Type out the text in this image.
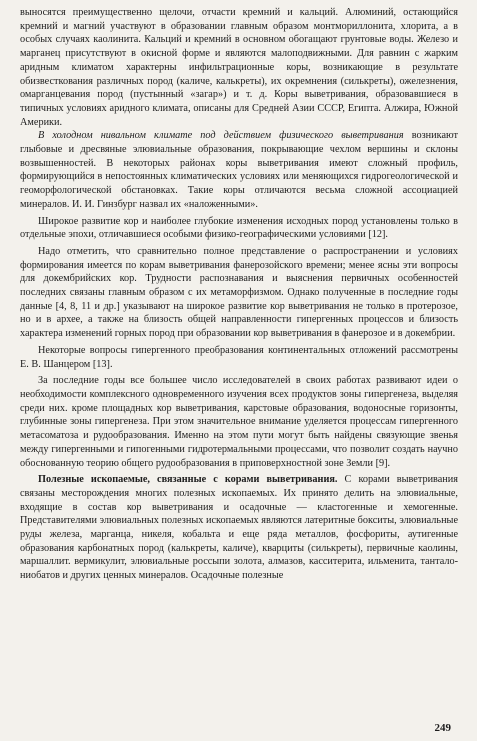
выносятся преимущественно щелочи, отчасти кремний и кальций. Алюминий, остающийся кремний и магний участвуют в образовании главным образом монтмориллонита, хлорита, а в особых случаях каолинита. Кальций и кремний в основном обогащают грунтовые воды. Железо и марганец присутствуют в окисной форме и являются малоподвижными. Для равнин с жарким аридным климатом характерны инфильтрационные коры, возникающие в результате обизвесткования различных пород (каличе, калькреты), их окремнения (силькреты), ожелезнения, омарганцевания пород (пустынный «загар») и т. д. Коры выветривания, образовавшиеся в типичных условиях аридного климата, описаны для Средней Азии СССР, Египта. Алжира, Южной Америки.

В холодном нивальном климате под действием физического выветривания возникают глыбовые и дресвяные элювиальные образования, покрывающие чехлом вершины и склоны возвышенностей. В некоторых районах коры выветривания имеют сложный профиль, формирующийся в непостоянных климатических условиях или меняющихся гидрогеологической и геоморфологической обстановках. Такие коры отличаются весьма сложной ассоциацией минералов. И. И. Гинзбург назвал их «наложенными».

Широкое развитие кор и наиболее глубокие изменения исходных пород установлены только в отдельные эпохи, отличавшиеся особыми физико-географическими условиями [12].

Надо отметить, что сравнительно полное представление о распространении и условиях формирования имеется по корам выветривания фанерозойского времени; менее ясны эти вопросы для докембрийских кор. Трудности распознавания и выяснения первичных особенностей последних связаны главным образом с их метаморфизмом. Однако полученные в последние годы данные [4, 8, 11 и др.] указывают на широкое развитие кор выветривания не только в протерозое, но и в архее, а также на близость общей направленности гипергенных процессов и близость характера изменений горных пород при образовании кор выветривания в фанерозое и в докембрии.

Некоторые вопросы гипергенного преобразования континентальных отложений рассмотрены Е. В. Шанцером [13].

За последние годы все большее число исследователей в своих работах развивают идеи о необходимости комплексного одновременного изучения всех продуктов зоны гипергенеза, выделяя среди них. кроме площадных кор выветривания, карстовые образования, водоносные горизонты, глубинные зоны гипергенеза. При этом значительное внимание уделяется процессам гипергенного метасоматоза и рудообразования. Именно на этом пути могут быть найдены связующие звенья между гипергенными и гипогенными гидротермальными процессами, что позволит создать научно обоснованную теорию общего рудообразования в приповерхностной зоне Земли [9].

Полезные ископаемые, связанные с корами выветривания. С корами выветривания связаны месторождения многих полезных ископаемых. Их принято делить на элювиальные, входящие в состав кор выветривания и осадочные — кластогенные и хемогенные. Представителями элювиальных полезных ископаемых являются латеритные бокситы, элювиальные руды железа, марганца, никеля, кобальта и еще ряда металлов, фосфориты, аутигенные образования карбонатных пород (калькреты, каличе), кварциты (силькреты), первичные каолины, маршаллит. вермикулит, элювиальные россыпи золота, алмазов, касситерита, ильменита, тантало-ниобатов и других ценных минералов. Осадочные полезные

249
